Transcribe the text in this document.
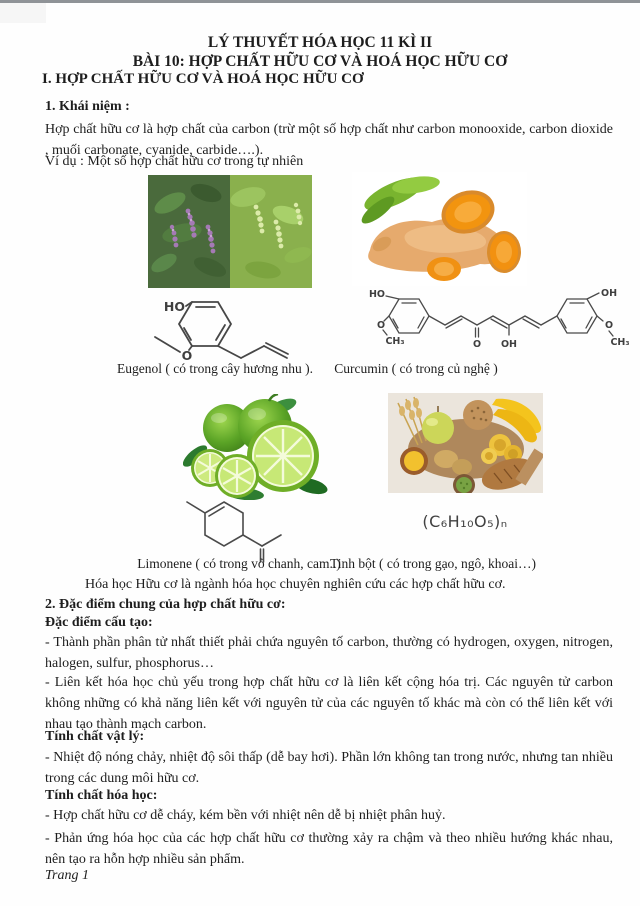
LÝ THUYẾT HÓA HỌC 11 KÌ II
BÀI 10: HỢP CHẤT HỮU CƠ VÀ HOÁ HỌC HỮU CƠ
I. HỢP CHẤT HỮU CƠ VÀ HOÁ HỌC HỮU CƠ
1. Khái niệm :
Hợp chất hữu cơ là hợp chất của carbon (trừ một số hợp chất như carbon monooxide, carbon dioxide , muối carbonate, cyanide, carbide….).
Ví dụ : Một số hợp chất hữu cơ trong tự nhiên
HO
O
HO
O
CH₃	O OH
OH
O
CH₃
Eugenol ( có trong cây hương nhu ).	Curcumin ( có trong củ nghệ )
(C₆H₁₀O₅)ₙ
Limonene ( có trong vỏ chanh, cam..)
Tinh bột ( có trong gạo, ngô, khoai…)
Hóa học Hữu cơ là ngành hóa học chuyên nghiên cứu các hợp chất hữu cơ.
2. Đặc điểm chung của hợp chất hữu cơ:
Đặc điểm cấu tạo:
- Thành phần phân tử nhất thiết phải chứa nguyên tố carbon, thường có hydrogen, oxygen, nitrogen, halogen, sulfur, phosphorus…
- Liên kết hóa học chủ yếu trong hợp chất hữu cơ là liên kết cộng hóa trị. Các nguyên tử carbon không những có khả năng liên kết với nguyên tử của các nguyên tố khác mà còn có thể liên kết với nhau tạo thành mạch carbon.
Tính chất vật lý:
- Nhiệt độ nóng chảy, nhiệt độ sôi thấp (dễ bay hơi). Phần lớn không tan trong nước, nhưng tan nhiều trong các dung môi hữu cơ.
Tính chất hóa học:
- Hợp chất hữu cơ dễ cháy, kém bền với nhiệt nên dễ bị nhiệt phân huỷ.
- Phản ứng hóa học của các hợp chất hữu cơ thường xảy ra chậm và theo nhiều hướng khác nhau, nên tạo ra hỗn hợp nhiều sản phẩm.
Trang 1
